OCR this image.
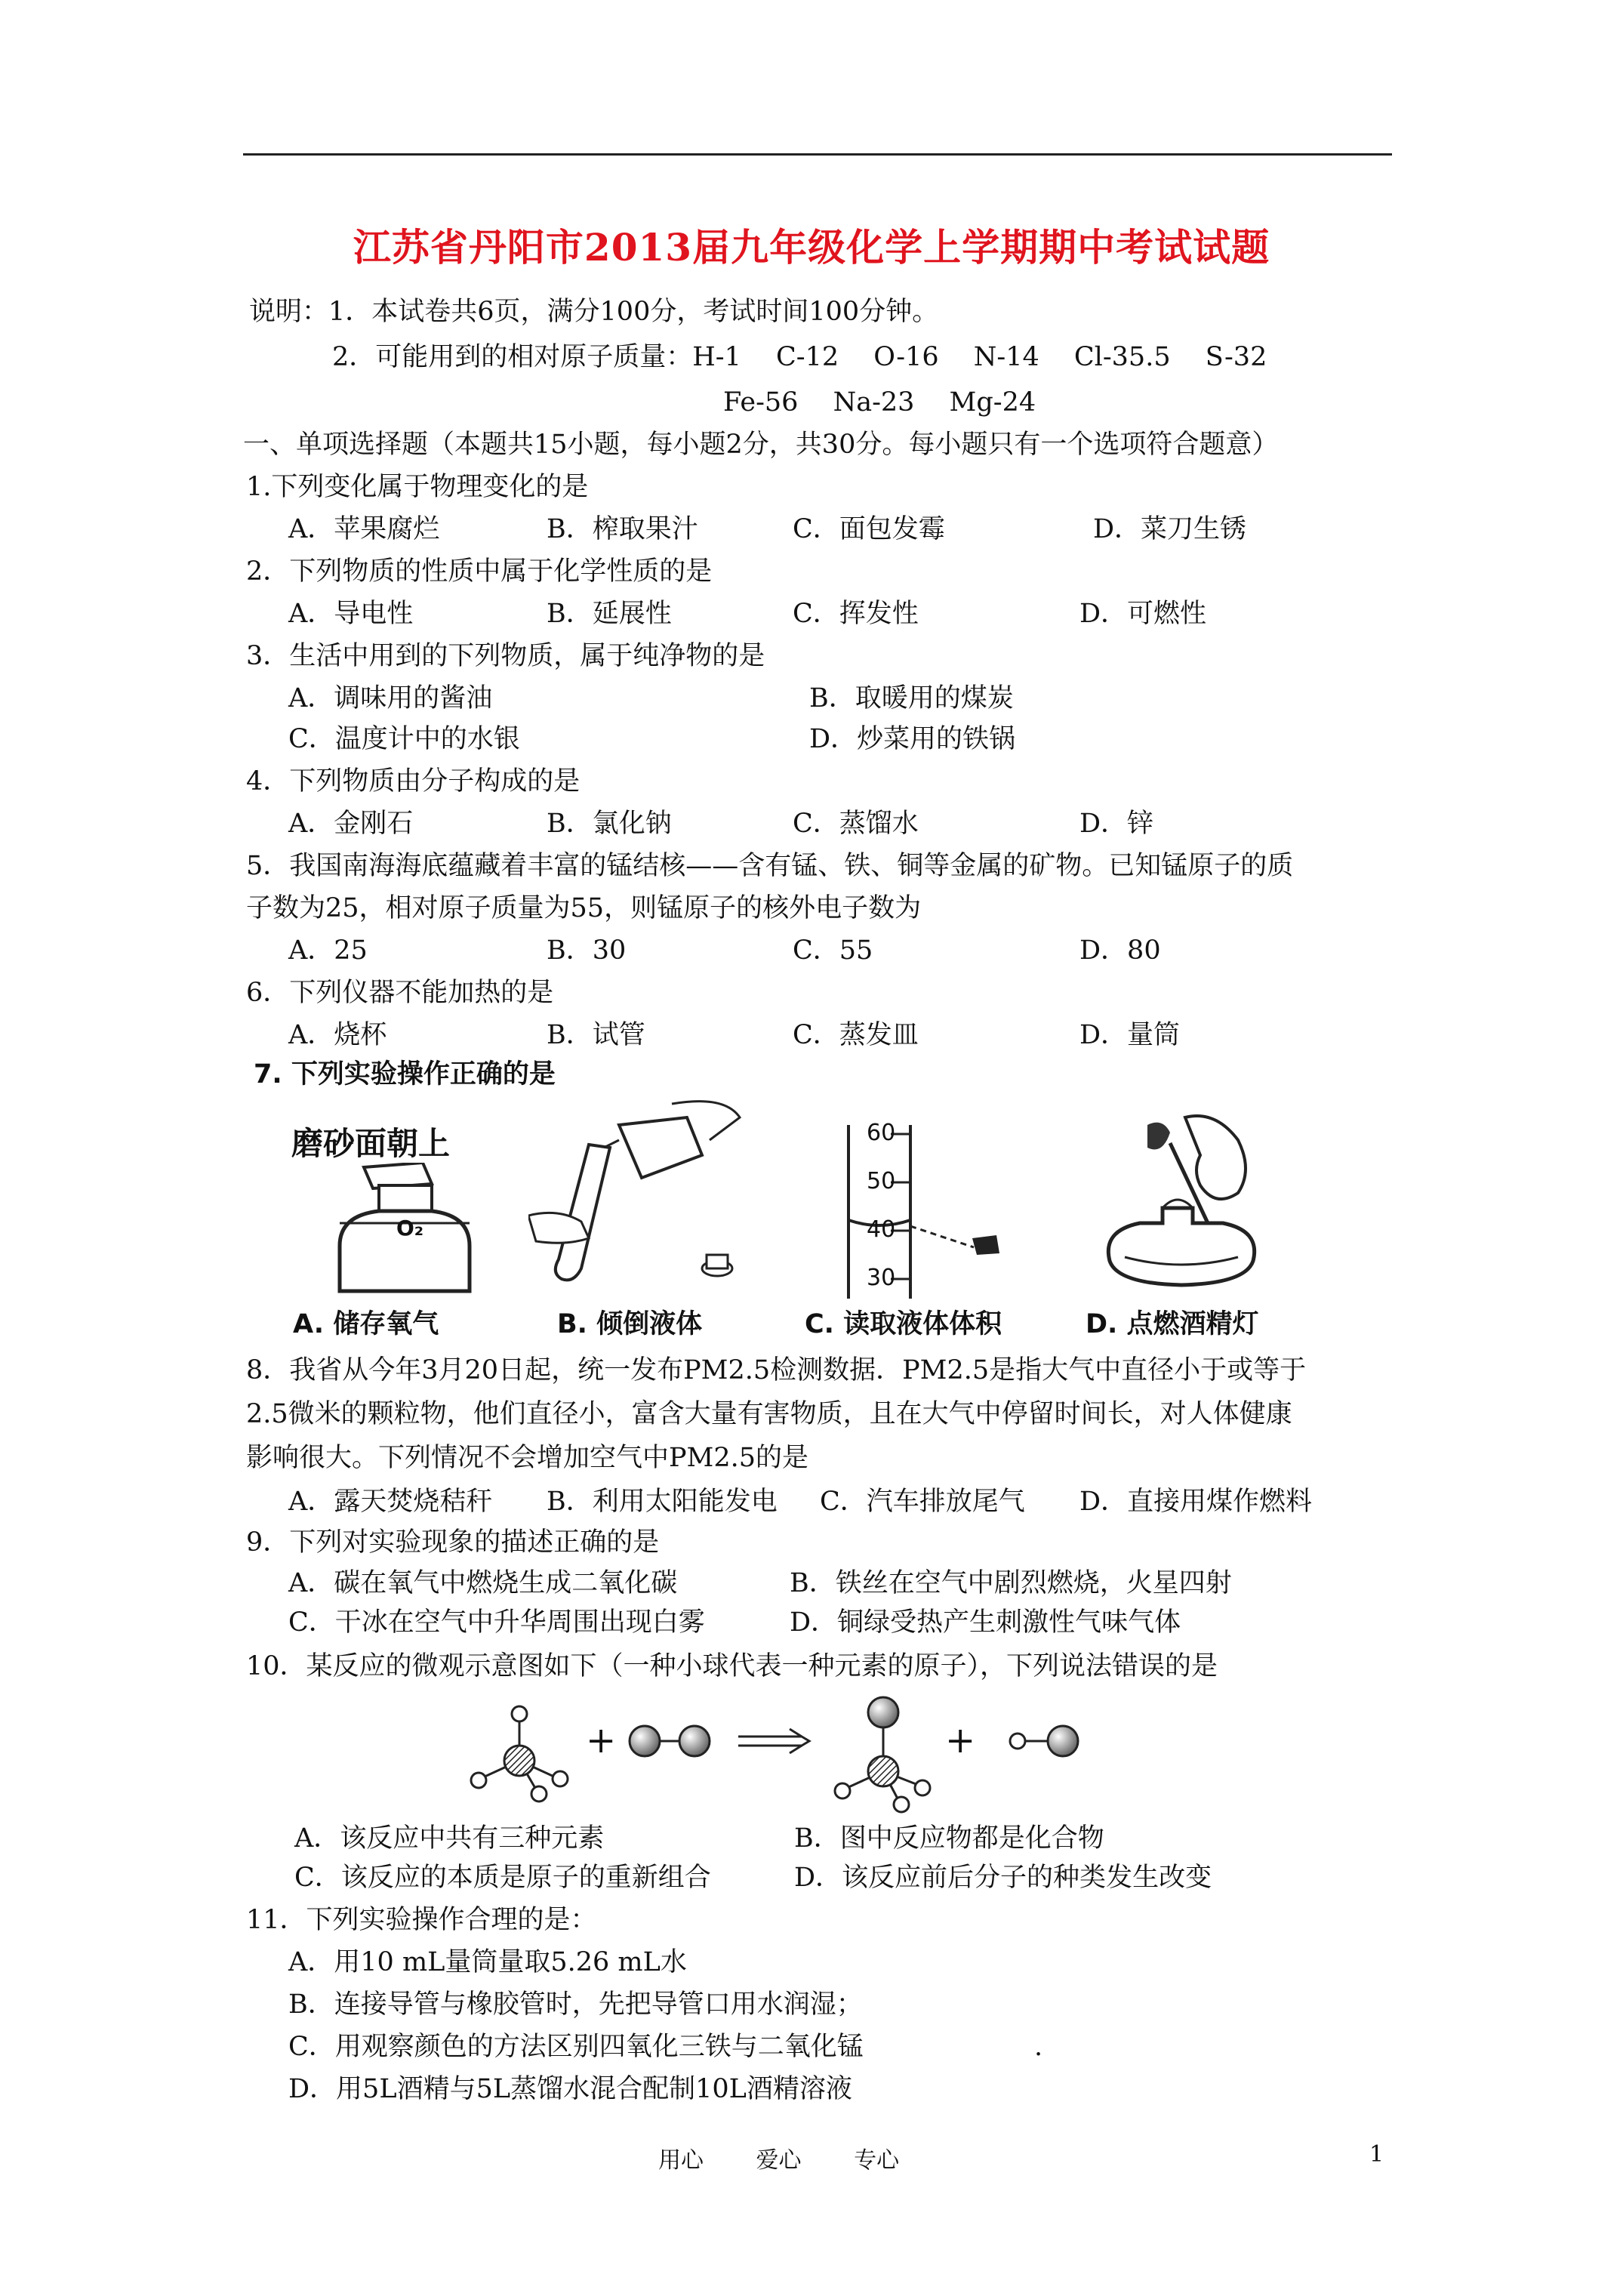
江苏省丹阳市2013届九年级化学上学期期中考试试题
说明：1．本试卷共6页，满分100分，考试时间100分钟。
2．可能用到的相对原子质量：H-1　 C-12　 O-16　 N-14　 Cl-35.5　 S-32
Fe-56　 Na-23　 Mg-24
一、单项选择题（本题共15小题，每小题2分，共30分。每小题只有一个选项符合题意）
1.下列变化属于物理变化的是
A．苹果腐烂	B．榨取果汁	C．面包发霉	D．菜刀生锈
2．下列物质的性质中属于化学性质的是
A．导电性	B．延展性	C．挥发性	D．可燃性
3．生活中用到的下列物质，属于纯净物的是
A．调味用的酱油	B．取暖用的煤炭
C．温度计中的水银	D．炒菜用的铁锅
4．下列物质由分子构成的是
A．金刚石	B．氯化钠	C．蒸馏水	D．锌
5．我国南海海底蕴藏着丰富的锰结核——含有锰、铁、铜等金属的矿物。已知锰原子的质
子数为25，相对原子质量为55，则锰原子的核外电子数为
A．25	B．30	C．55	D．80
6．下列仪器不能加热的是
A．烧杯	B．试管	C．蒸发皿	D．量筒
7. 下列实验操作正确的是
磨砂面朝上
O₂
60
50
40
30
A. 储存氧气	B. 倾倒液体	C. 读取液体体积	D. 点燃酒精灯
8．我省从今年3月20日起，统一发布PM2.5检测数据．PM2.5是指大气中直径小于或等于
2.5微米的颗粒物，他们直径小，富含大量有害物质，且在大气中停留时间长，对人体健康
影响很大。下列情况不会增加空气中PM2.5的是
A．露天焚烧秸秆 B．利用太阳能发电 C．汽车排放尾气 D．直接用煤作燃料
9．下列对实验现象的描述正确的是
A．碳在氧气中燃烧生成二氧化碳	B．铁丝在空气中剧烈燃烧，火星四射
C．干冰在空气中升华周围出现白雾	D．铜绿受热产生刺激性气味气体
10．某反应的微观示意图如下（一种小球代表一种元素的原子），下列说法错误的是
+	+
A．该反应中共有三种元素	B．图中反应物都是化合物
C．该反应的本质是原子的重新组合	D．该反应前后分子的种类发生改变
11．下列实验操作合理的是：
A．用10 mL量筒量取5.26 mL水
B．连接导管与橡胶管时，先把导管口用水润湿；
C．用观察颜色的方法区别四氧化三铁与二氧化锰	.
D．用5L酒精与5L蒸馏水混合配制10L酒精溶液
用心　　 爱心　　 专心	1
